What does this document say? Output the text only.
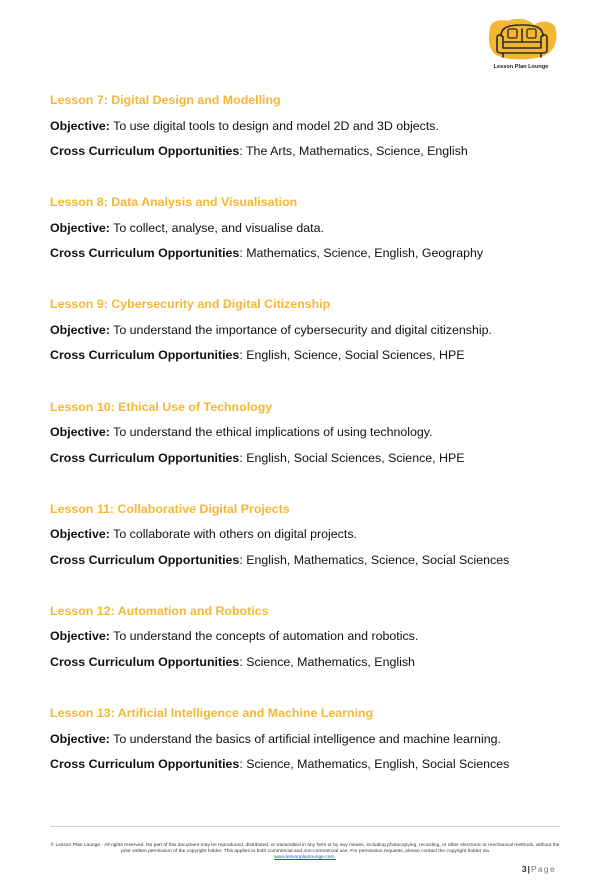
Lesson Plan Lounge

Lesson 7: Digital Design and Modelling

Objective: To use digital tools to design and model 2D and 3D objects.

Cross Curriculum Opportunities: The Arts, Mathematics, Science, English

Lesson 8: Data Analysis and Visualisation

Objective: To collect, analyse, and visualise data.

Cross Curriculum Opportunities: Mathematics, Science, English, Geography

Lesson 9: Cybersecurity and Digital Citizenship

Objective: To understand the importance of cybersecurity and digital citizenship.

Cross Curriculum Opportunities: English, Science, Social Sciences, HPE

Lesson 10: Ethical Use of Technology

Objective: To understand the ethical implications of using technology.

Cross Curriculum Opportunities: English, Social Sciences, Science, HPE

Lesson 11: Collaborative Digital Projects

Objective: To collaborate with others on digital projects.

Cross Curriculum Opportunities: English, Mathematics, Science, Social Sciences

Lesson 12: Automation and Robotics

Objective: To understand the concepts of automation and robotics.

Cross Curriculum Opportunities: Science, Mathematics, English

Lesson 13: Artificial Intelligence and Machine Learning

Objective: To understand the basics of artificial intelligence and machine learning.

Cross Curriculum Opportunities: Science, Mathematics, English, Social Sciences

© Lesson Plan Lounge - All rights reserved. No part of this document may be reproduced, distributed, or transmitted in any form or by any means, including photocopying, recording, or other electronic or mechanical methods, without the prior written permission of the copyright holder. This applies to both commercial and non-commercial use. For permission requests, please contact the copyright holder via
www.lessonplanlounge.com.
3|Page
